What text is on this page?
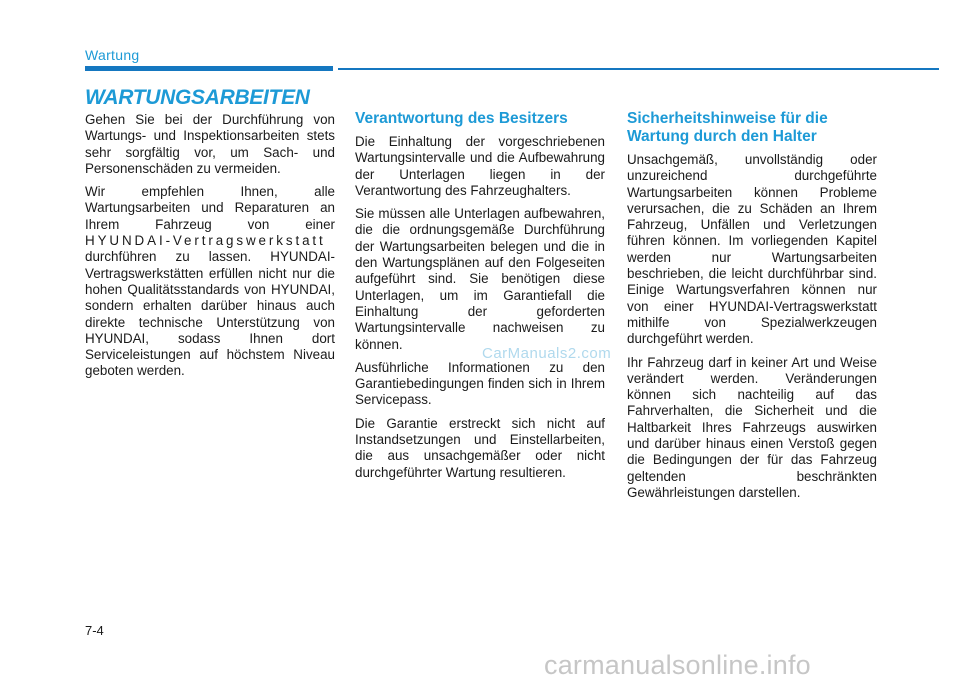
Wartung
WARTUNGSARBEITEN

Gehen Sie bei der Durchführung von Wartungs- und Inspektionsarbeiten stets sehr sorgfältig vor, um Sach- und Personenschäden zu vermeiden.

Wir empfehlen Ihnen, alle Wartungsarbeiten und Reparaturen an Ihrem Fahrzeug von einer HYUNDAI-Vertragswerkstatt durchführen zu lassen. HYUNDAI-Vertragswerkstätten erfüllen nicht nur die hohen Qualitätsstandards von HYUNDAI, sondern erhalten darüber hinaus auch direkte technische Unterstützung von HYUNDAI, sodass Ihnen dort Serviceleistungen auf höchstem Niveau geboten werden.

Verantwortung des Besitzers

Die Einhaltung der vorgeschriebenen Wartungsintervalle und die Aufbewahrung der Unterlagen liegen in der Verantwortung des Fahrzeughalters.

Sie müssen alle Unterlagen aufbewahren, die die ordnungsgemäße Durchführung der Wartungsarbeiten belegen und die in den Wartungsplänen auf den Folgeseiten aufgeführt sind. Sie benötigen diese Unterlagen, um im Garantiefall die Einhaltung der geforderten Wartungsintervalle nachweisen zu können.

Ausführliche Informationen zu den Garantiebedingungen finden sich in Ihrem Servicepass.

Die Garantie erstreckt sich nicht auf Instandsetzungen und Einstellarbeiten, die aus unsachgemäßer oder nicht durchgeführter Wartung resultieren.

Sicherheitshinweise für die Wartung durch den Halter

Unsachgemäß, unvollständig oder unzureichend durchgeführte Wartungsarbeiten können Probleme verursachen, die zu Schäden an Ihrem Fahrzeug, Unfällen und Verletzungen führen können. Im vorliegenden Kapitel werden nur Wartungsarbeiten beschrieben, die leicht durchführbar sind. Einige Wartungsverfahren können nur von einer HYUNDAI-Vertragswerkstatt mithilfe von Spezialwerkzeugen durchgeführt werden.

Ihr Fahrzeug darf in keiner Art und Weise verändert werden. Veränderungen können sich nachteilig auf das Fahrverhalten, die Sicherheit und die Haltbarkeit Ihres Fahrzeugs auswirken und darüber hinaus einen Verstoß gegen die Bedingungen der für das Fahrzeug geltenden beschränkten Gewährleistungen darstellen.

CarManuals2.com
7-4
carmanualsonline.info
